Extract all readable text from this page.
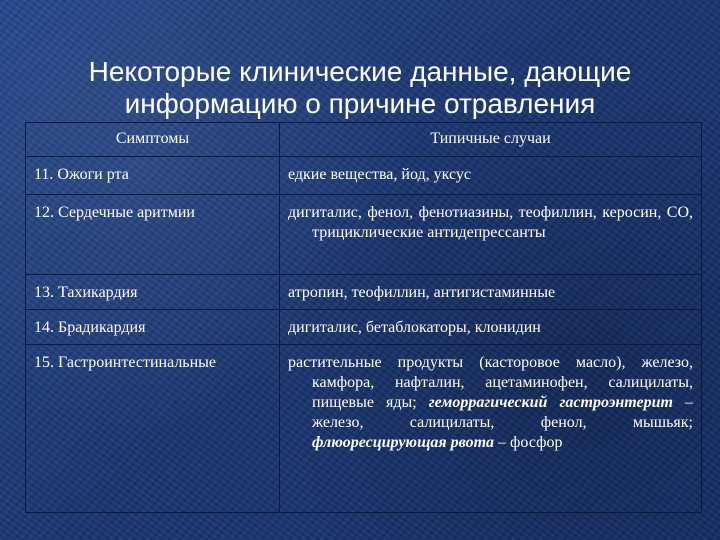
Некоторые клинические данные, дающие
информацию о причине отравления
Симптомы	Типичные случаи
11. Ожоги рта	едкие вещества, йод, уксус
12. Сердечные аритмии	дигиталис, фенол, фенотиазины, теофиллин, керосин, СО, трициклические антидепрессанты
13. Тахикардия	атропин, теофиллин, антигистаминные
14. Брадикардия	дигиталис, бетаблокаторы, клонидин
15. Гастроинтестинальные	растительные продукты (касторовое масло), железо, камфора, нафталин, ацетаминофен, салицилаты, пищевые яды; геморрагический гастроэнтерит – железо, салицилаты, фенол, мышьяк; флюоресцирующая рвота – фосфор
